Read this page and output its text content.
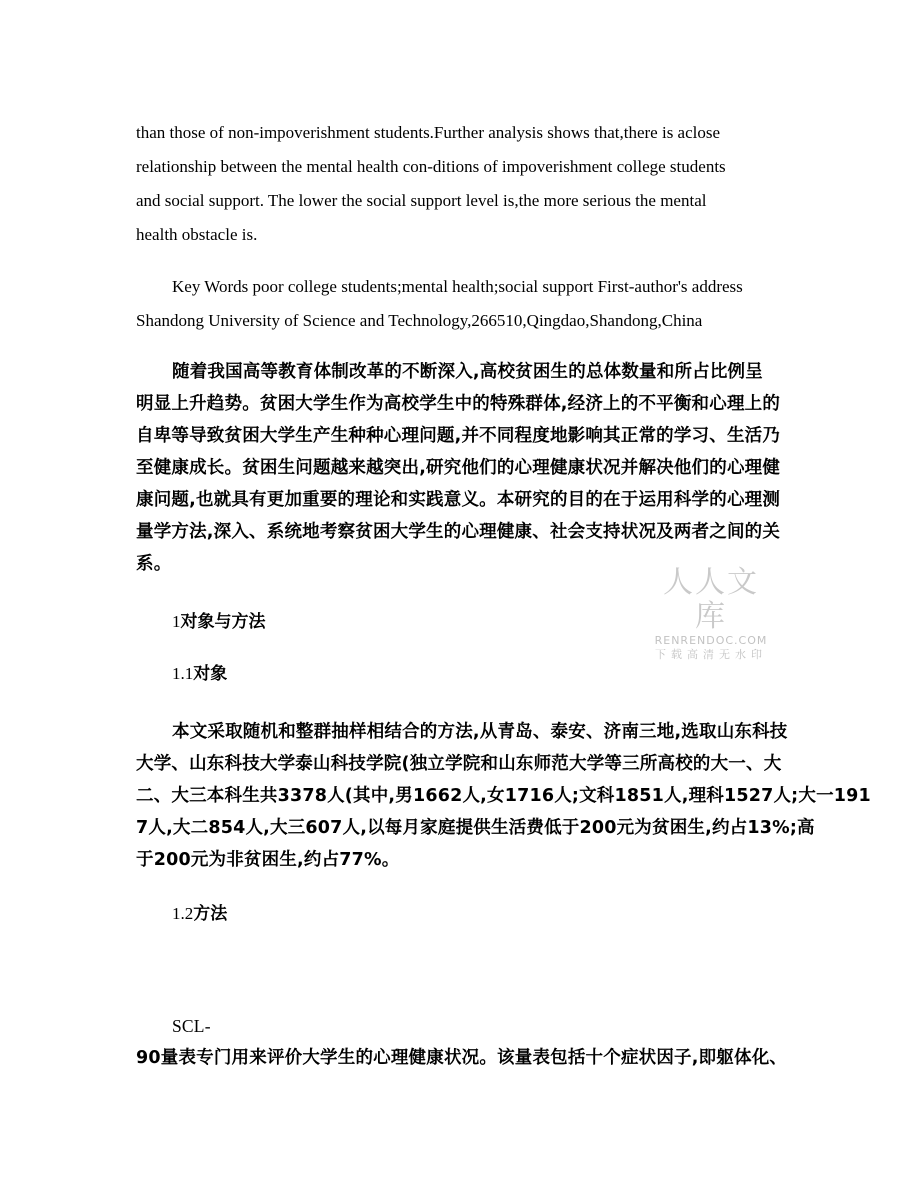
than those of non-impoverishment students.Further analysis shows that,there is aclose
relationship between the mental health con-ditions of impoverishment college students
and social support. The lower the social support level is,the more serious the mental
health obstacle is.

Key Words poor college students;mental health;social support First-author's address
Shandong University of Science and Technology,266510,Qingdao,Shandong,China

随着我国高等教育体制改革的不断深入,高校贫困生的总体数量和所占比例呈
明显上升趋势。贫困大学生作为高校学生中的特殊群体,经济上的不平衡和心理上的
自卑等导致贫困大学生产生种种心理问题,并不同程度地影响其正常的学习、生活乃
至健康成长。贫困生问题越来越突出,研究他们的心理健康状况并解决他们的心理健
康问题,也就具有更加重要的理论和实践意义。本研究的目的在于运用科学的心理测
量学方法,深入、系统地考察贫困大学生的心理健康、社会支持状况及两者之间的关
系。

人人文库
RENRENDOC.COM
下载高清无水印
1对象与方法
1.1对象

本文采取随机和整群抽样相结合的方法,从青岛、泰安、济南三地,选取山东科技
大学、山东科技大学泰山科技学院(独立学院和山东师范大学等三所高校的大一、大
二、大三本科生共3378人(其中,男1662人,女1716人;文科1851人,理科1527人;大一191
7人,大二854人,大三607人,以每月家庭提供生活费低于200元为贫困生,约占13%;高
于200元为非贫困生,约占77%。

1.2方法

SCL-
90量表专门用来评价大学生的心理健康状况。该量表包括十个症状因子,即躯体化、
